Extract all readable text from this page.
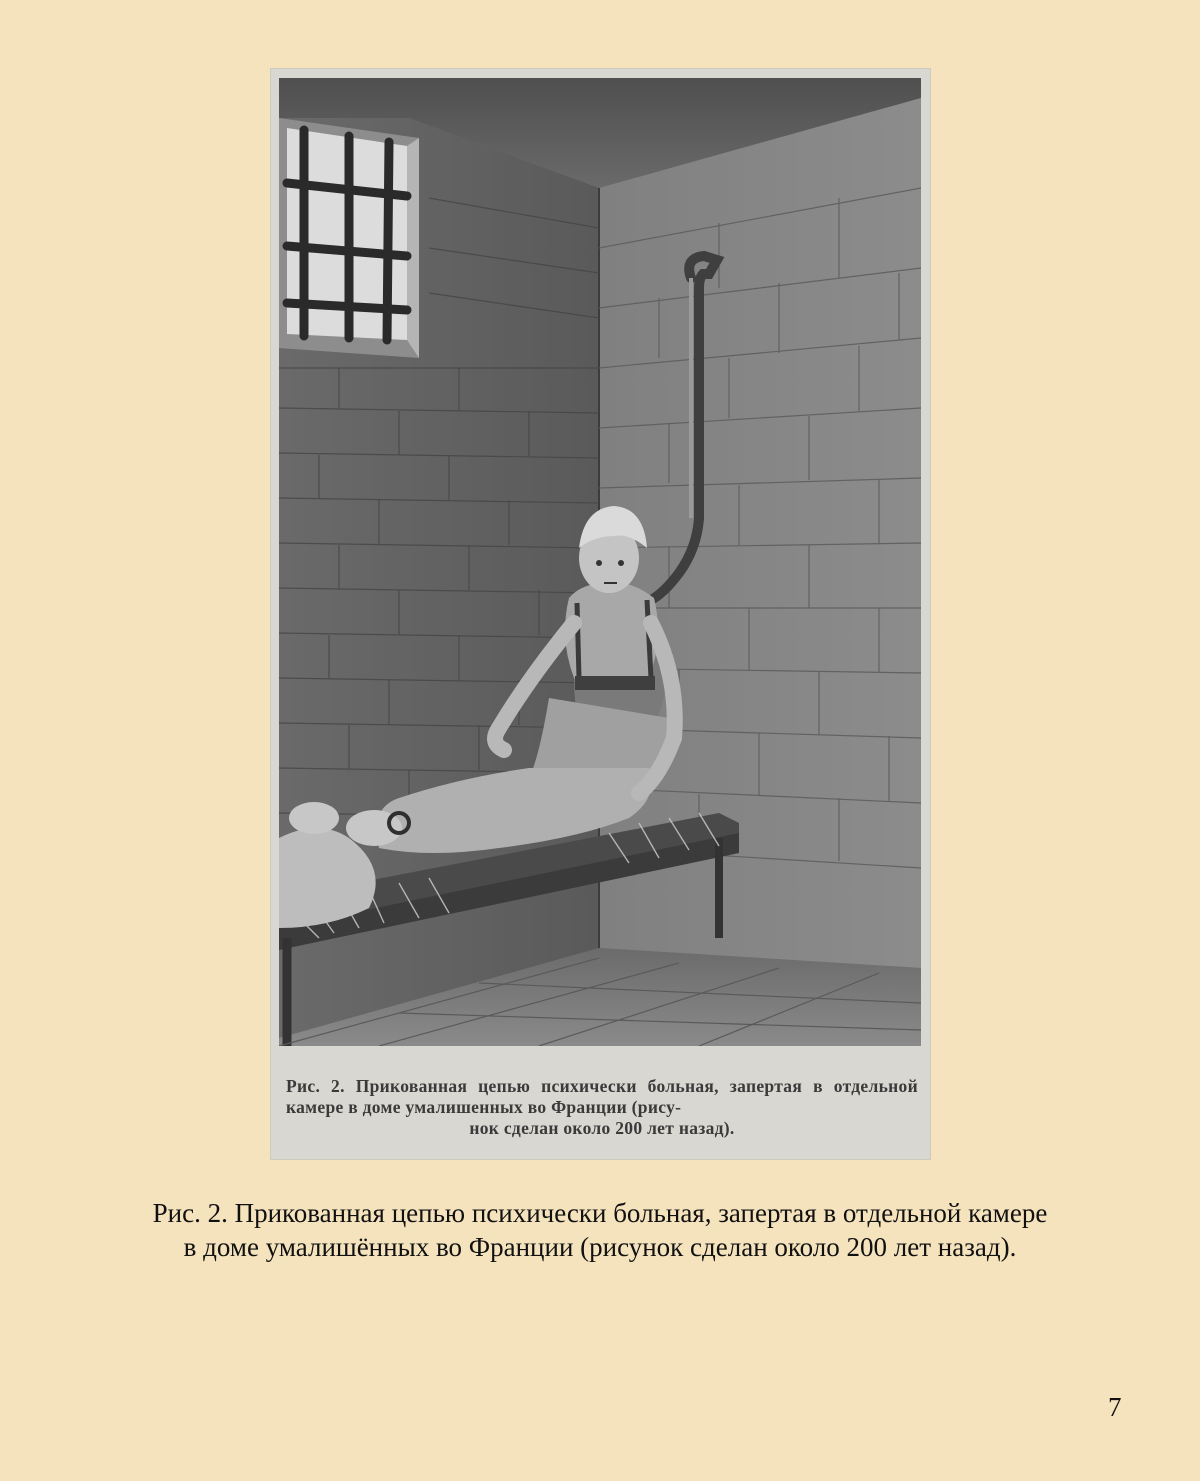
Рис. 2. Прикованная цепью психически больная, запертая в отдельной камере в доме умалишенных во Франции (рису-
нок сделан около 200 лет назад).
Рис. 2. Прикованная цепью психически больная, запертая в отдельной камере
в доме умалишённых во Франции (рисунок сделан около 200 лет назад).
7
